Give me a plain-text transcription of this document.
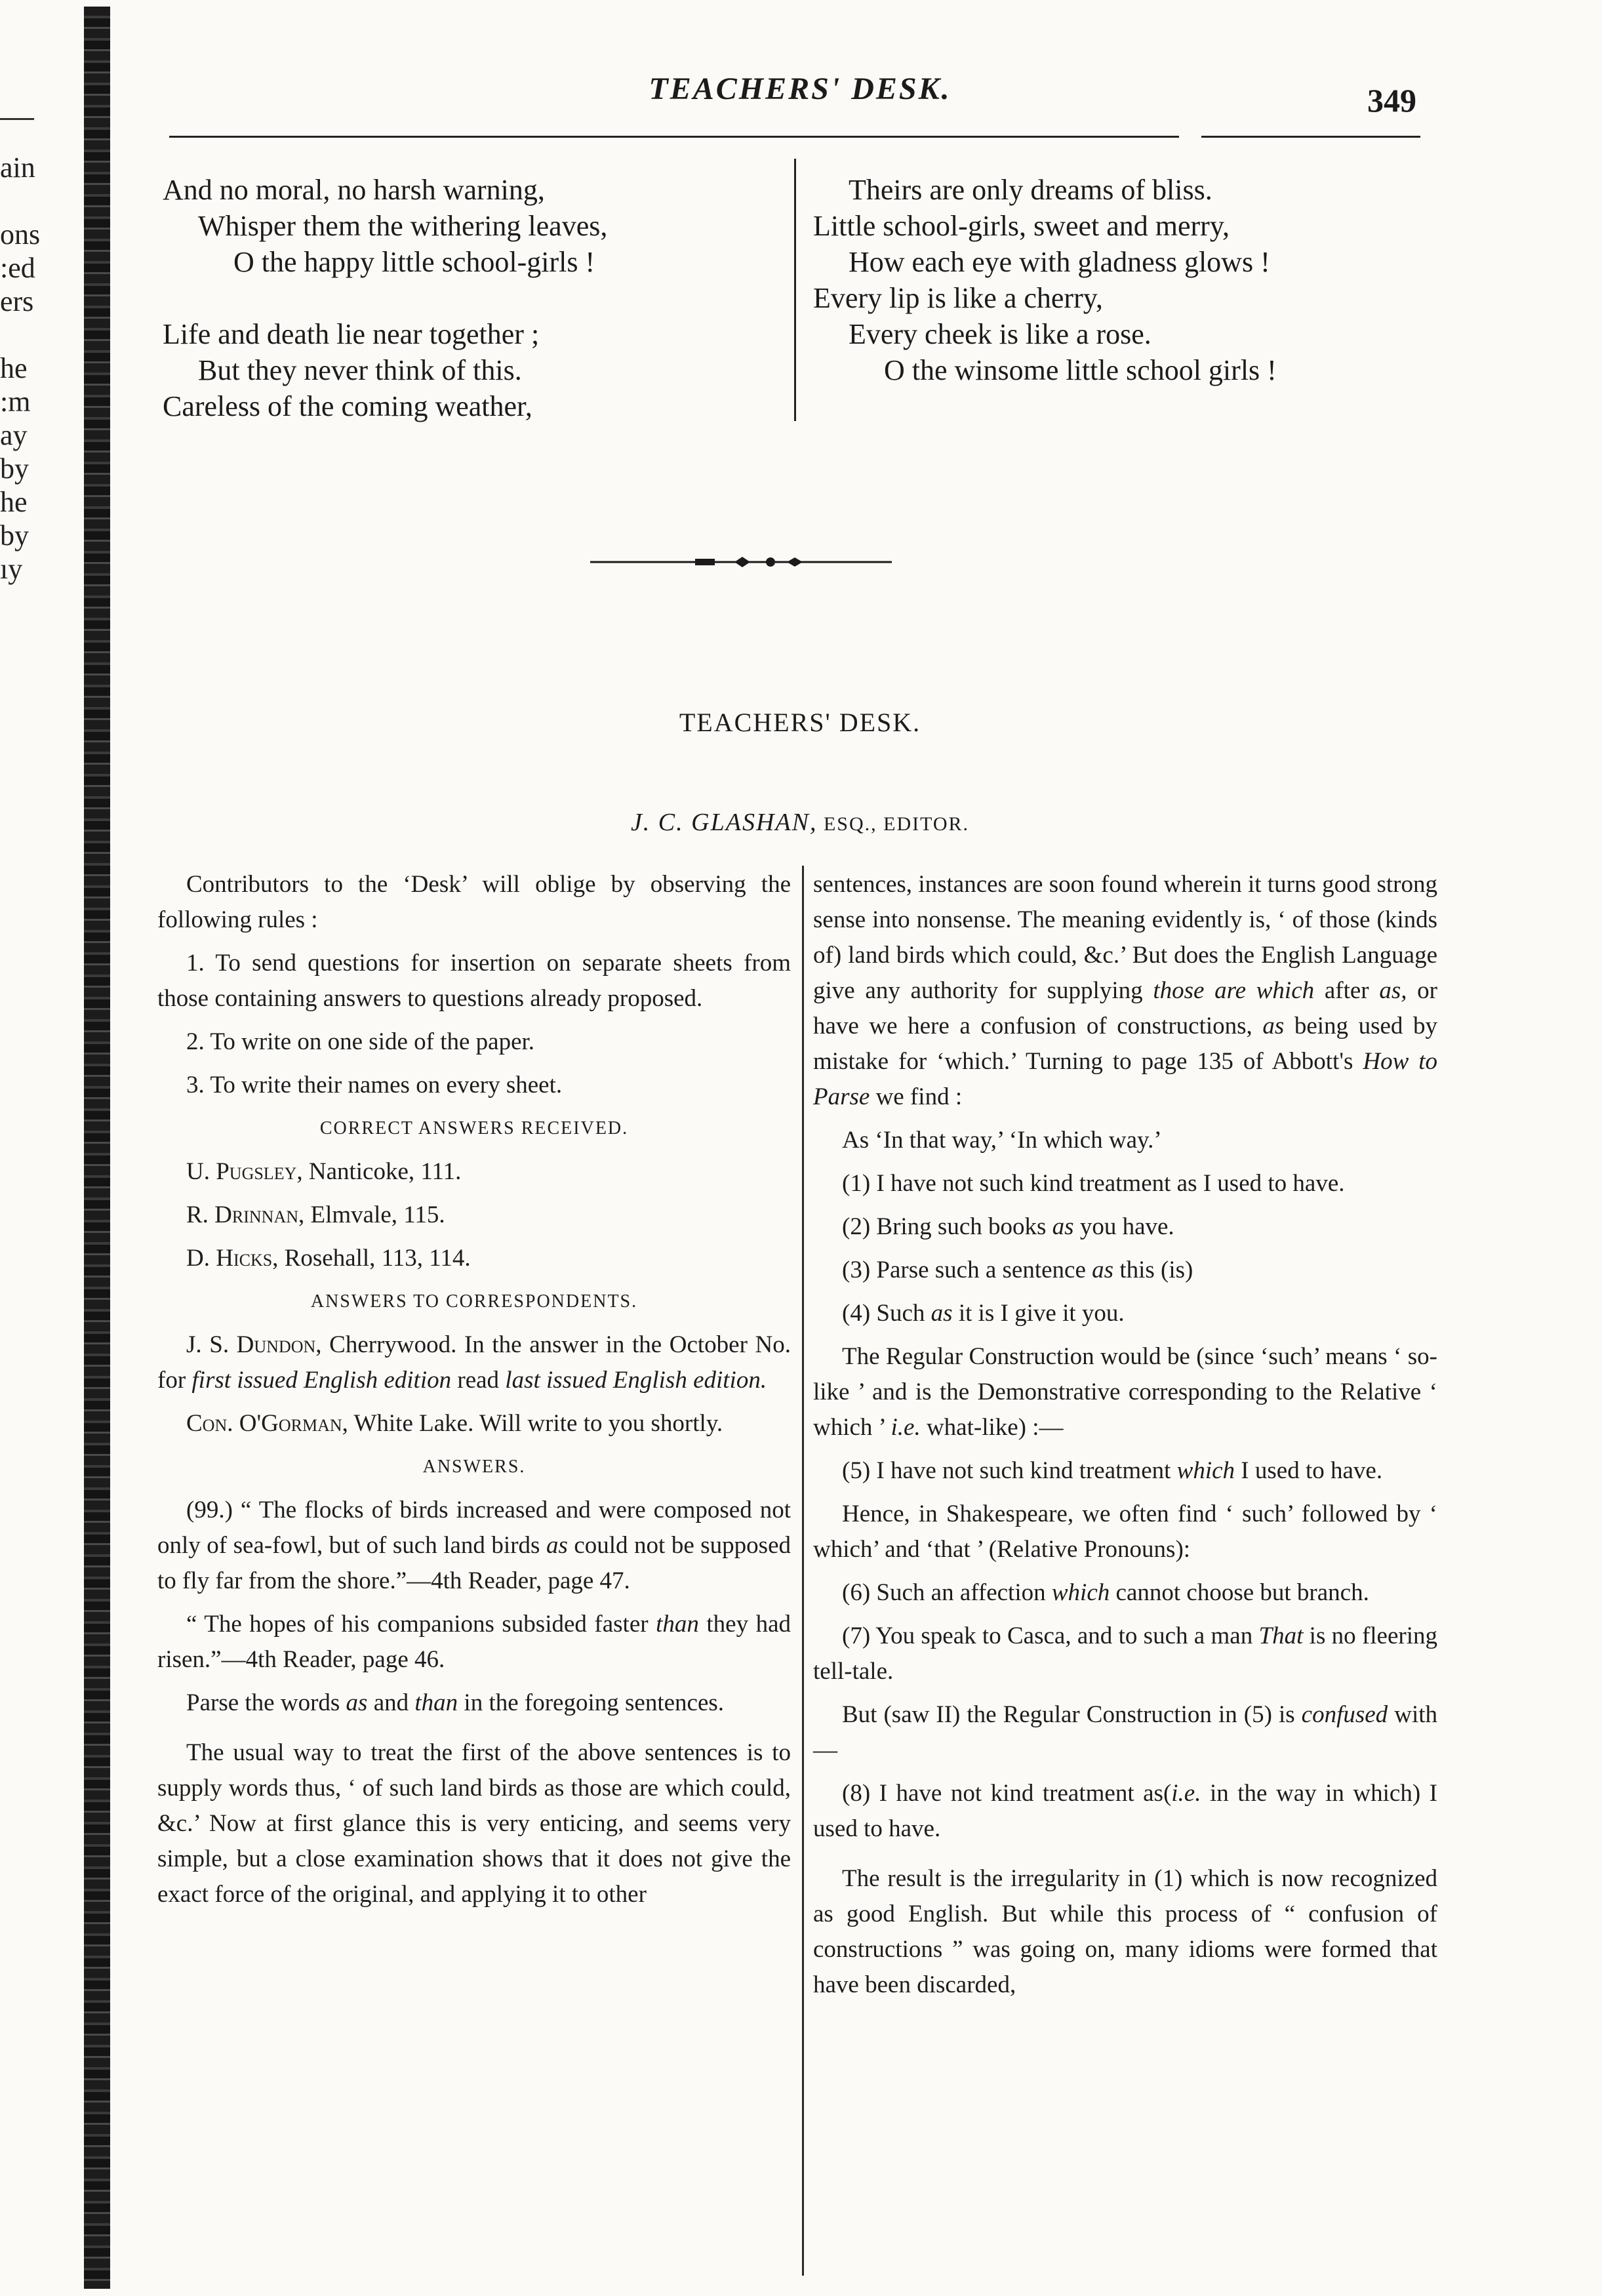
ain
ons
:ed
ers
he
:m
ay
by
he
by
ıy
TEACHERS' DESK.	349
And no moral, no harsh warning,
Whisper them the withering leaves,
O the happy little school-girls !
Life and death lie near together ;
But they never think of this.
Careless of the coming weather,
Theirs are only dreams of bliss.
Little school-girls, sweet and merry,
How each eye with gladness glows !
Every lip is like a cherry,
Every cheek is like a rose.
O the winsome little school girls !
TEACHERS' DESK.
J. C. GLASHAN, ESQ., EDITOR.

Contributors to the ‘Desk’ will oblige by observing the following rules :

1. To send questions for insertion on separate sheets from those containing answers to questions already proposed.

2. To write on one side of the paper.

3. To write their names on every sheet.

CORRECT ANSWERS RECEIVED.

U. Pugsley, Nanticoke, 111.

R. Drinnan, Elmvale, 115.

D. Hicks, Rosehall, 113, 114.

ANSWERS TO CORRESPONDENTS.

J. S. Dundon, Cherrywood. In the answer in the October No. for first issued English edition read last issued English edition.

Con. O'Gorman, White Lake. Will write to you shortly.

ANSWERS.

(99.) “ The flocks of birds increased and were composed not only of sea-fowl, but of such land birds as could not be supposed to fly far from the shore.”—4th Reader, page 47.

“ The hopes of his companions subsided faster than they had risen.”—4th Reader, page 46.

Parse the words as and than in the foregoing sentences.

The usual way to treat the first of the above sentences is to supply words thus, ‘ of such land birds as those are which could, &c.’ Now at first glance this is very enticing, and seems very simple, but a close examination shows that it does not give the exact force of the original, and applying it to other

sentences, instances are soon found wherein it turns good strong sense into nonsense. The meaning evidently is, ‘ of those (kinds of) land birds which could, &c.’ But does the English Language give any authority for supplying those are which after as, or have we here a confusion of constructions, as being used by mistake for ‘which.’ Turning to page 135 of Abbott's How to Parse we find :

As ‘In that way,’ ‘In which way.’

(1) I have not such kind treatment as I used to have.

(2) Bring such books as you have.

(3) Parse such a sentence as this (is)

(4) Such as it is I give it you.

The Regular Construction would be (since ‘such’ means ‘ so-like ’ and is the Demonstrative corresponding to the Relative ‘ which ’ i.e. what-like) :—

(5) I have not such kind treatment which I used to have.

Hence, in Shakespeare, we often find ‘ such’ followed by ‘ which’ and ‘that ’ (Relative Pronouns):

(6) Such an affection which cannot choose but branch.

(7) You speak to Casca, and to such a man That is no fleering tell-tale.

But (saw II) the Regular Construction in (5) is confused with—

(8) I have not kind treatment as(i.e. in the way in which) I used to have.

The result is the irregularity in (1) which is now recognized as good English. But while this process of “ confusion of constructions ” was going on, many idioms were formed that have been discarded,
